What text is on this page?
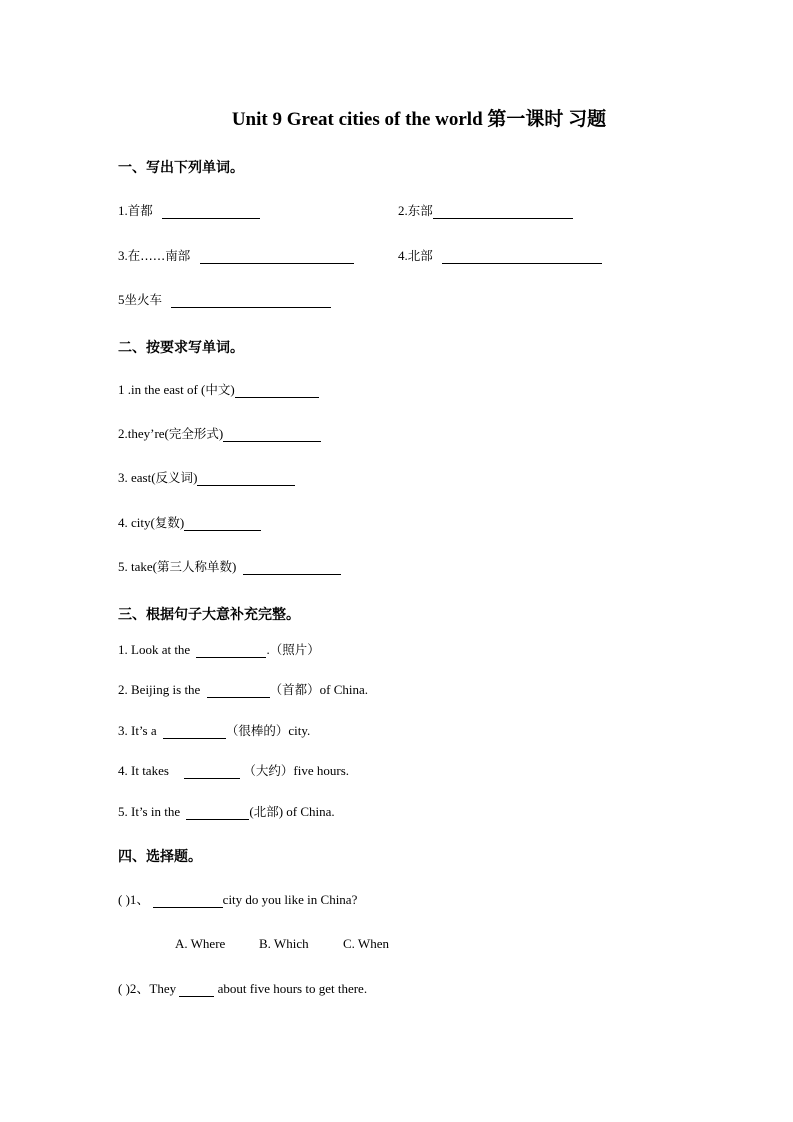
Unit 9 Great cities of the world 第一课时 习题
一、写出下列单词。
1.首都	2.东部
3.在……南部	4.北部
5坐火车
二、按要求写单词。
1 .in the east of (中文)
2.they’re(完全形式)
3. east(反义词)
4. city(复数)
5. take(第三人称单数)
三、根据句子大意补充完整。
1. Look at the	.（照片）
2. Beijing is the	（首都）of China.
3. It’s a	（很棒的）city.
4. It takes	（大约）five hours.
5. It’s in the	(北部) of China.
四、选择题。
( )1、	city do you like in China?
A. Where	B. Which	C. When
( )2、They	about five hours to get there.
